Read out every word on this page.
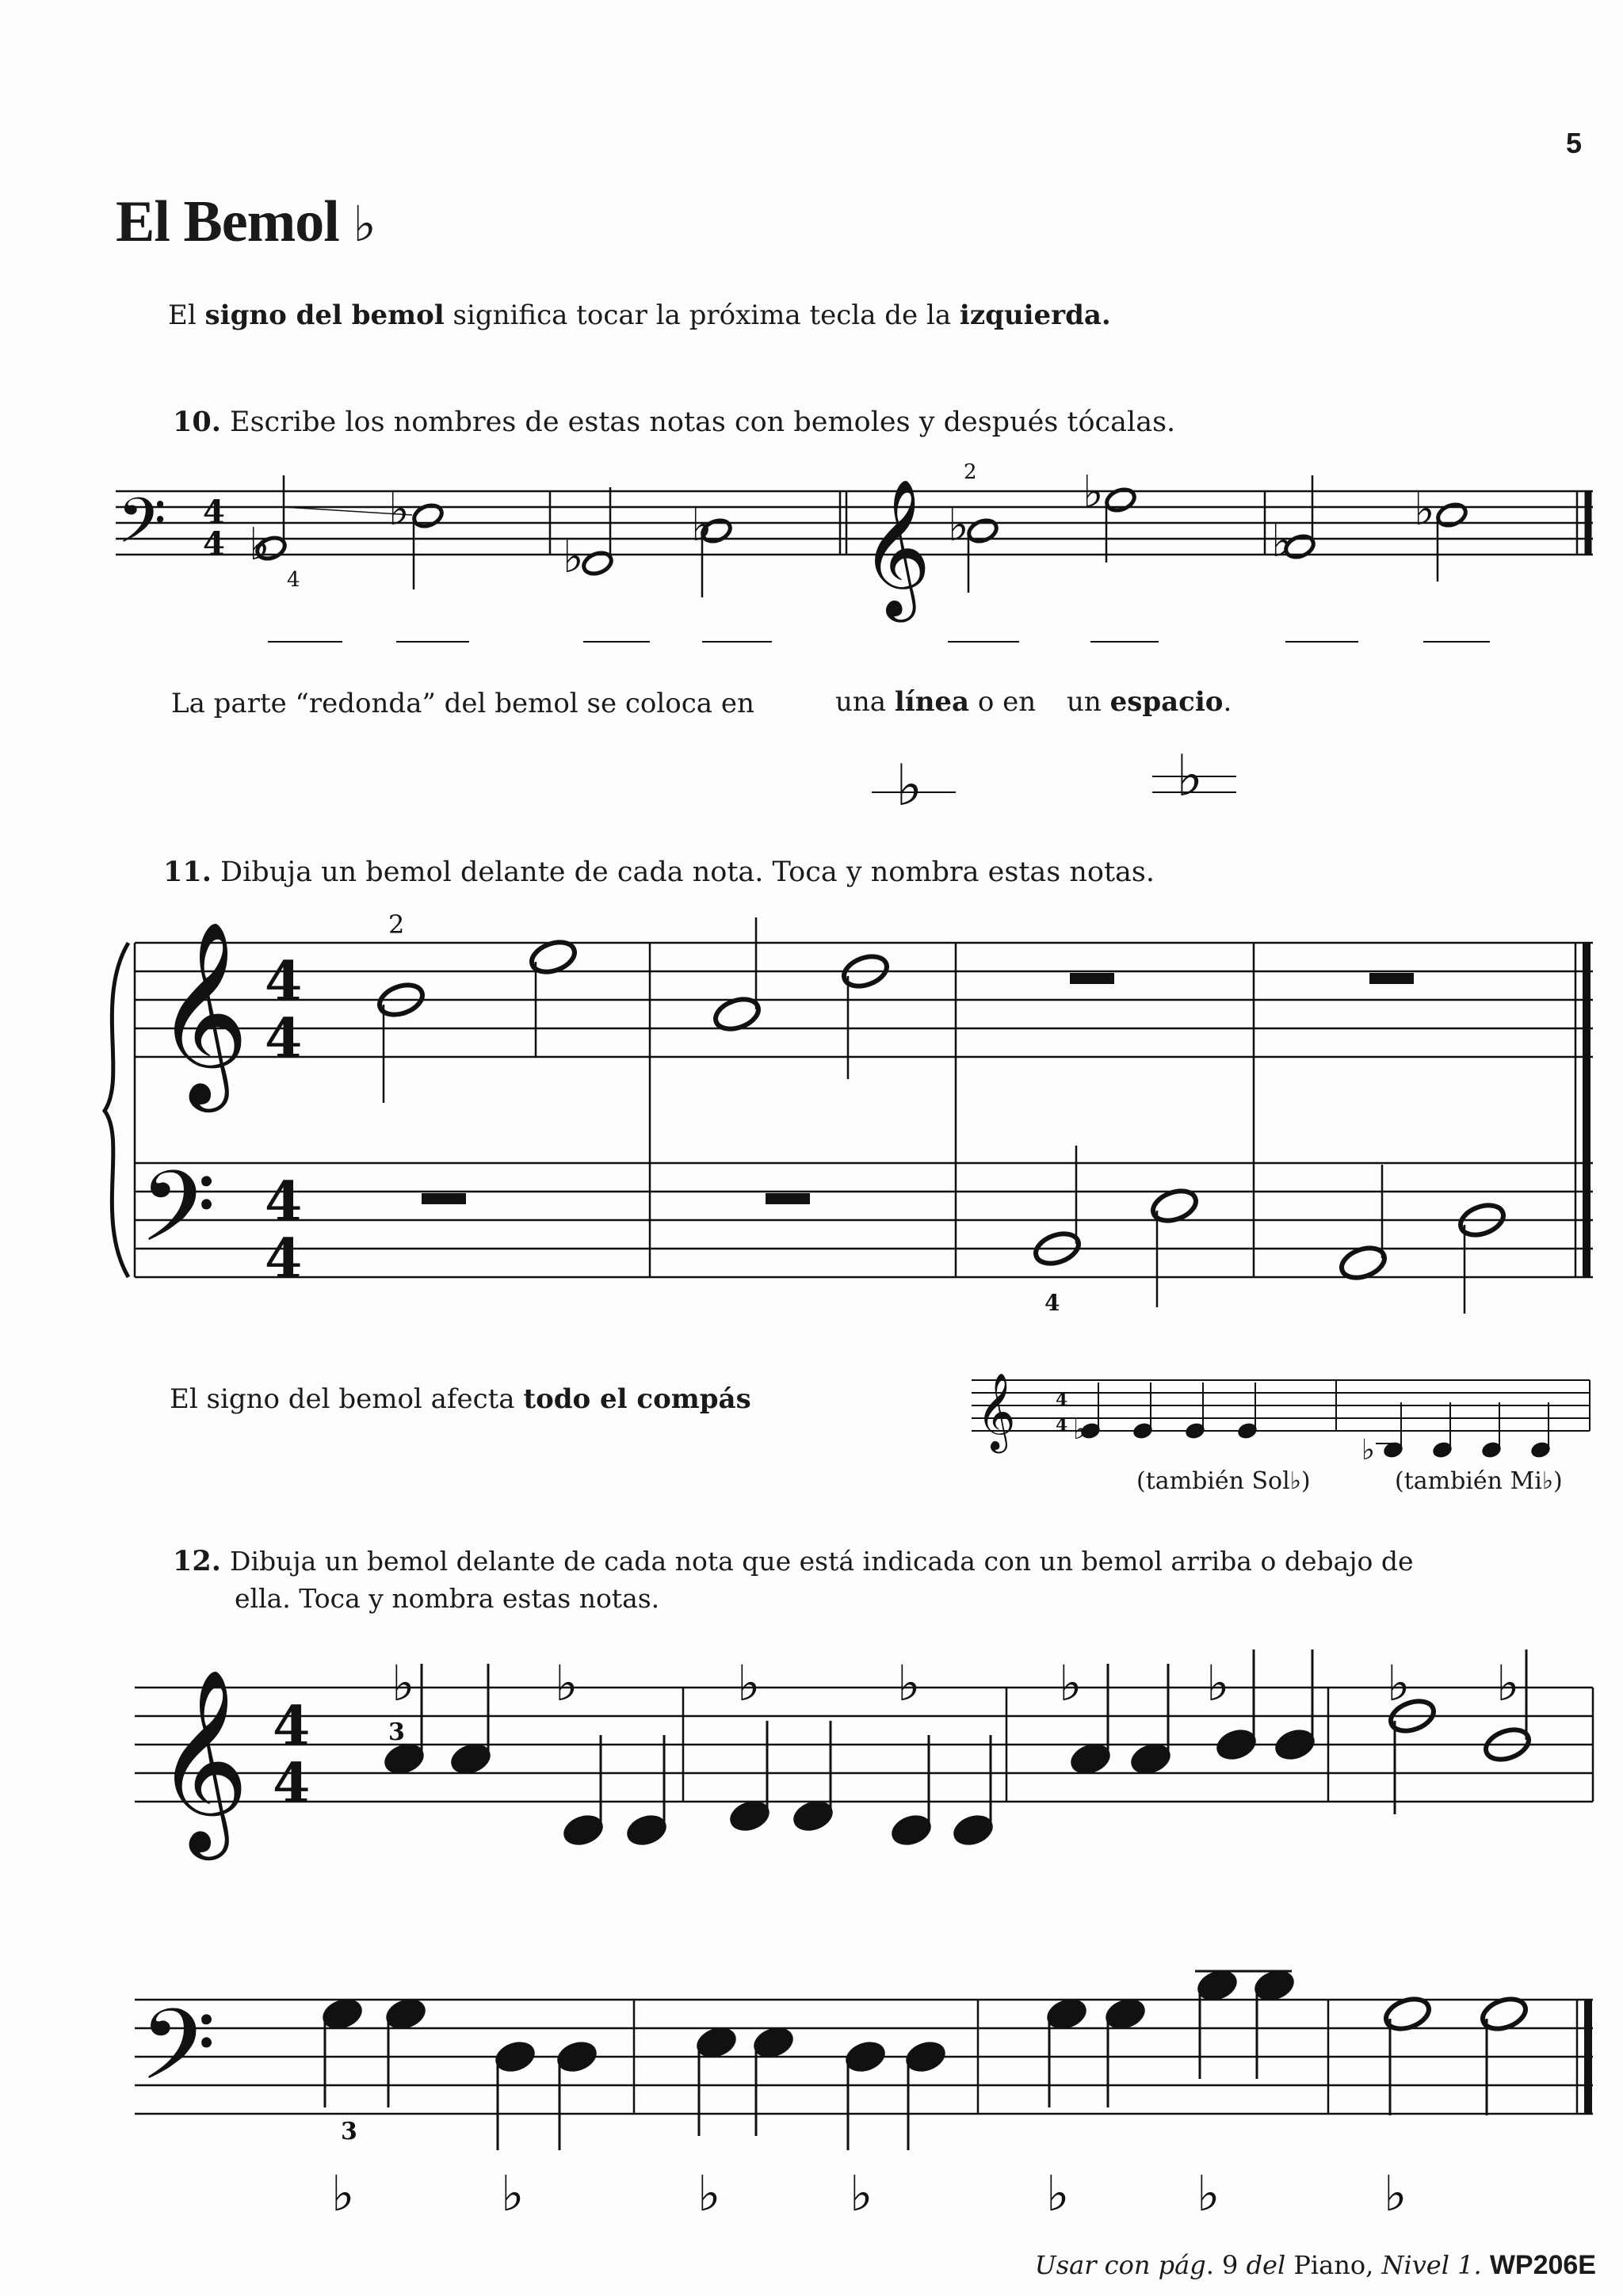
5
El Bemol ♭
El signo del bemol significa tocar la próxima tecla de la izquierda.
10. Escribe los nombres de estas notas con bemoles y después tócalas.
𝄢 4
4
4
2
𝄞
♭
♭
♭
♭	♭
♭
♭
♭
♭	♭
𝄞 4
4
𝄢 4
4
2
4
𝄞 4
4 ♭
♭
𝄞 4
4
3
𝄢
3
♭	♭	♭	♭	♭	♭	♭ ♭
♭	♭	♭	♭	♭	♭	♭
La parte “redonda” del bemol se coloca en	una línea o en un espacio.
11. Dibuja un bemol delante de cada nota. Toca y nombra estas notas.
El signo del bemol afecta todo el compás
(también Sol♭)	(también Mi♭)
12. Dibuja un bemol delante de cada nota que está indicada con un bemol arriba o debajo de
ella. Toca y nombra estas notas.
Usar con pág. 9 del Piano, Nivel 1. WP206E
